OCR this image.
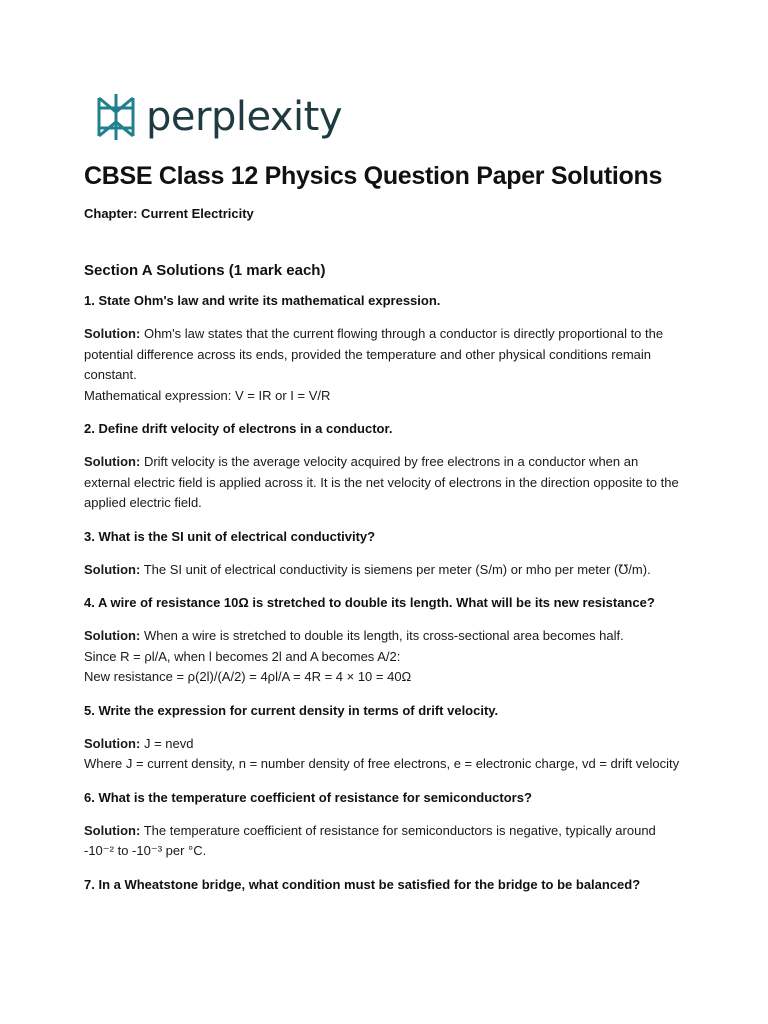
perplexity
CBSE Class 12 Physics Question Paper Solutions

Chapter: Current Electricity

Section A Solutions (1 mark each)

1. State Ohm's law and write its mathematical expression.

Solution: Ohm's law states that the current flowing through a conductor is directly proportional to the potential difference across its ends, provided the temperature and other physical conditions remain constant.
Mathematical expression: V = IR or I = V/R

2. Define drift velocity of electrons in a conductor.

Solution: Drift velocity is the average velocity acquired by free electrons in a conductor when an external electric field is applied across it. It is the net velocity of electrons in the direction opposite to the applied electric field.

3. What is the SI unit of electrical conductivity?

Solution: The SI unit of electrical conductivity is siemens per meter (S/m) or mho per meter (℧/m).

4. A wire of resistance 10Ω is stretched to double its length. What will be its new resistance?

Solution: When a wire is stretched to double its length, its cross-sectional area becomes half.
Since R = ρl/A, when l becomes 2l and A becomes A/2:
New resistance = ρ(2l)/(A/2) = 4ρl/A = 4R = 4 × 10 = 40Ω

5. Write the expression for current density in terms of drift velocity.

Solution: J = nevd
Where J = current density, n = number density of free electrons, e = electronic charge, vd = drift velocity

6. What is the temperature coefficient of resistance for semiconductors?

Solution: The temperature coefficient of resistance for semiconductors is negative, typically around -10⁻² to -10⁻³ per °C.

7. In a Wheatstone bridge, what condition must be satisfied for the bridge to be balanced?
